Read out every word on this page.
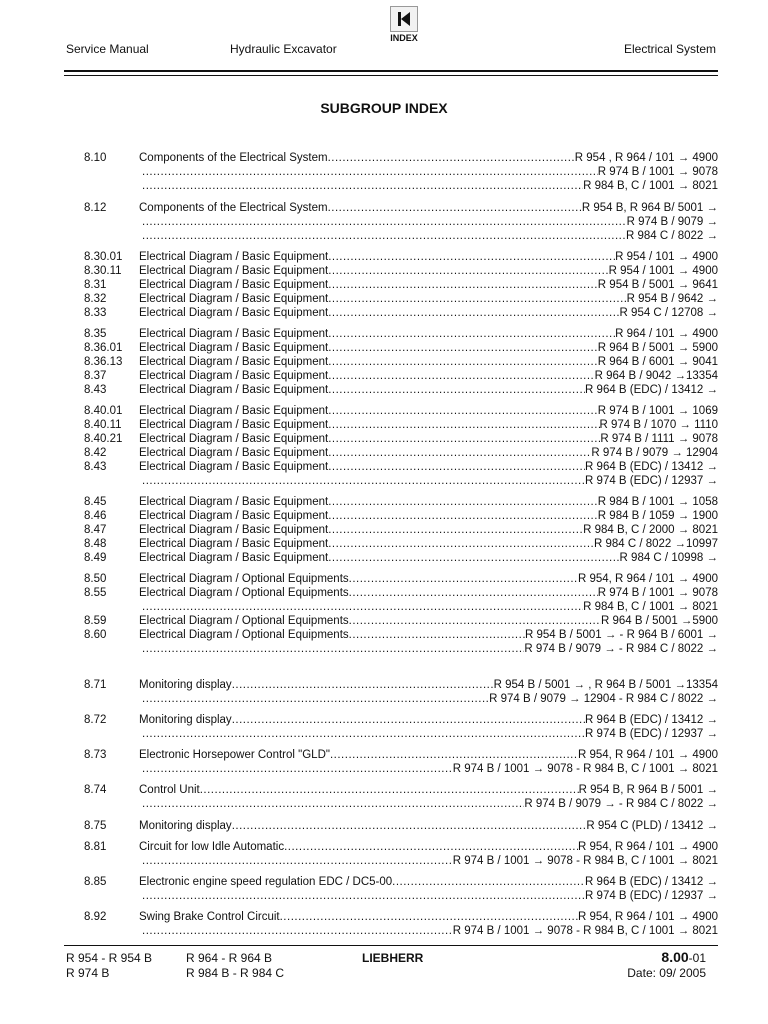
INDEX
Service Manual	Hydraulic Excavator	Electrical System
SUBGROUP INDEX
8.10	Components of the Electrical System .....	R 954 , R 964 / 101 → 4900
.....
R 974 B / 1001 → 9078
.....
R 984 B, C / 1001 → 8021
8.12	Components of the Electrical System .....	R 954 B, R 964 B/ 5001 →
.....
R 974 B / 9079 →
.....
R 984 C / 8022 →
8.30.01 Electrical Diagram / Basic Equipment .....	R 954 / 101 → 4900
8.30.11 Electrical Diagram / Basic Equipment .....	R 954 / 1001 → 4900
8.31	Electrical Diagram / Basic Equipment .....	R 954 B / 5001 → 9641
8.32	Electrical Diagram / Basic Equipment .....	R 954 B / 9642 →
8.33	Electrical Diagram / Basic Equipment .....	R 954 C / 12708 →
8.35	Electrical Diagram / Basic Equipment .....	R 964 / 101 → 4900
8.36.01 Electrical Diagram / Basic Equipment .....	R 964 B / 5001 → 5900
8.36.13 Electrical Diagram / Basic Equipment .....	R 964 B / 6001 → 9041
8.37	Electrical Diagram / Basic Equipment .....	R 964 B / 9042 →13354
8.43	Electrical Diagram / Basic Equipment .....	R 964 B (EDC) / 13412 →
8.40.01 Electrical Diagram / Basic Equipment .....	R 974 B / 1001 → 1069
8.40.11 Electrical Diagram / Basic Equipment .....	R 974 B / 1070 → 1110
8.40.21 Electrical Diagram / Basic Equipment .....	R 974 B / 1111 → 9078
8.42	Electrical Diagram / Basic Equipment .....	R 974 B / 9079 → 12904
8.43	Electrical Diagram / Basic Equipment .....	R 964 B (EDC) / 13412 →
.....
R 974 B (EDC) / 12937 →
8.45	Electrical Diagram / Basic Equipment .....	R 984 B / 1001 → 1058
8.46	Electrical Diagram / Basic Equipment .....	R 984 B / 1059 → 1900
8.47	Electrical Diagram / Basic Equipment .....	R 984 B, C / 2000 → 8021
8.48	Electrical Diagram / Basic Equipment .....	R 984 C / 8022 →10997
8.49	Electrical Diagram / Basic Equipment .....	R 984 C / 10998 →
8.50	Electrical Diagram / Optional Equipments .....	R 954, R 964 / 101 → 4900
8.55	Electrical Diagram / Optional Equipments .....	R 974 B / 1001 → 9078
.....
R 984 B, C / 1001 → 8021
8.59	Electrical Diagram / Optional Equipments .....	R 964 B / 5001 →5900
8.60	Electrical Diagram / Optional Equipments .....	R 954 B / 5001 → - R 964 B / 6001 →
.....
R 974 B / 9079 → - R 984 C / 8022 →
8.71	Monitoring display .....	R 954 B / 5001 → , R 964 B / 5001 →13354
.....
R 974 B / 9079 → 12904 - R 984 C / 8022 →
8.72	Monitoring display .....	R 964 B (EDC) / 13412 →
.....
R 974 B (EDC) / 12937 →
8.73	Electronic Horsepower Control "GLD" .....	R 954, R 964 / 101 → 4900
.....
R 974 B / 1001 → 9078 - R 984 B, C / 1001 → 8021
8.74	Control Unit .....	R 954 B, R 964 B / 5001 →
.....
R 974 B / 9079 → - R 984 C / 8022 →
8.75	Monitoring display .....	R 954 C (PLD) / 13412 →
8.81	Circuit for low Idle Automatic .....	R 954, R 964 / 101 → 4900
.....
R 974 B / 1001 → 9078 - R 984 B, C / 1001 → 8021
8.85	Electronic engine speed regulation EDC / DC5-00 .....	R 964 B (EDC) / 13412 →
.....
R 974 B (EDC) / 12937 →
8.92	Swing Brake Control Circuit .....	R 954, R 964 / 101 → 4900
.....
R 974 B / 1001 → 9078 - R 984 B, C / 1001 → 8021
R 954 - R 954 B
R 974 B
R 964 - R 964 B
R 984 B - R 984 C
LIEBHERR	8.00-01
Date: 09/ 2005
